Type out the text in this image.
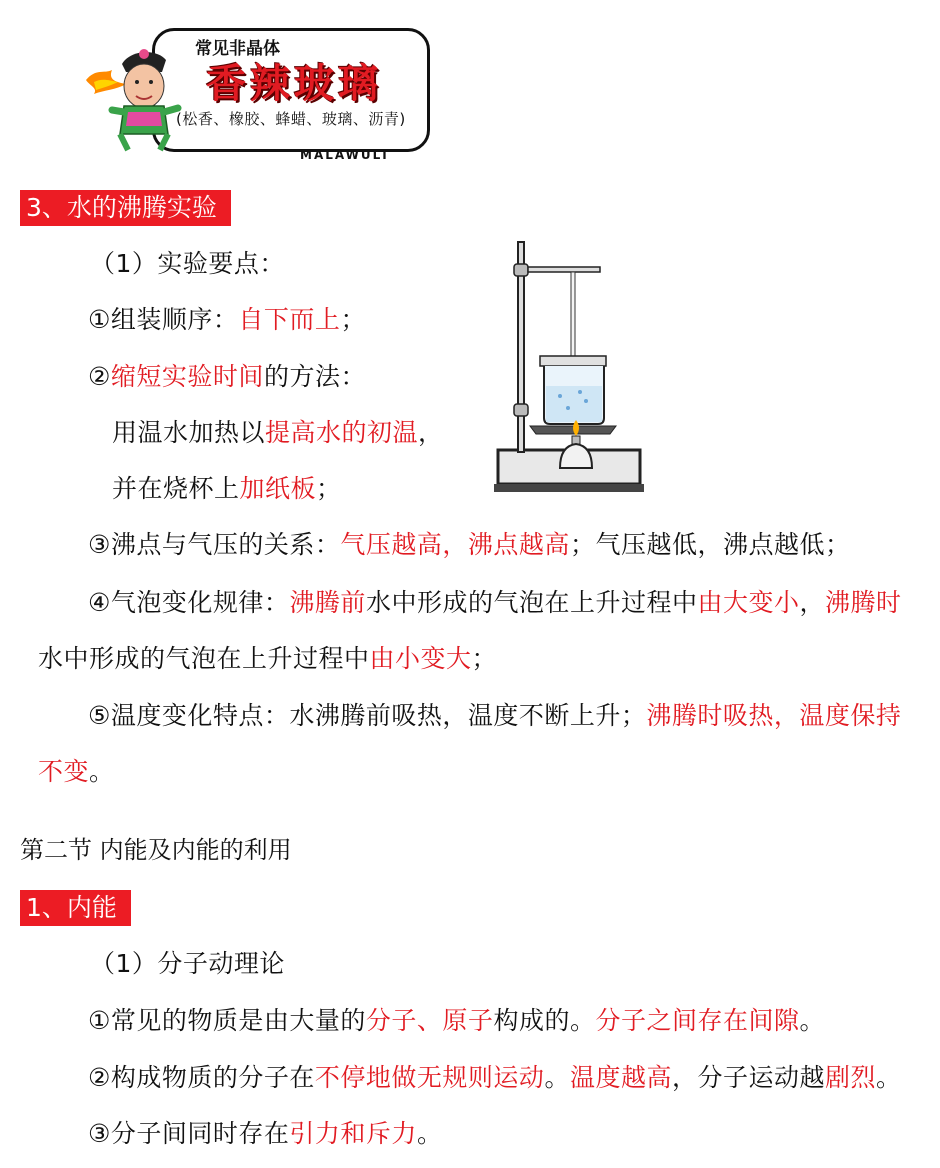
常见非晶体
香辣玻璃
(松香、橡胶、蜂蜡、玻璃、沥青)
MALAWULI
3、水的沸腾实验
（1）实验要点：
①组装顺序：自下而上；
②缩短实验时间的方法：
用温水加热以提高水的初温，
并在烧杯上加纸板；
③沸点与气压的关系：气压越高，沸点越高；气压越低，沸点越低；
④气泡变化规律：沸腾前水中形成的气泡在上升过程中由大变小，沸腾时
水中形成的气泡在上升过程中由小变大；
⑤温度变化特点：水沸腾前吸热，温度不断上升；沸腾时吸热，温度保持
不变。
第二节 内能及内能的利用
1、内能
（1）分子动理论
①常见的物质是由大量的分子、原子构成的。分子之间存在间隙。
②构成物质的分子在不停地做无规则运动。温度越高，分子运动越剧烈。
③分子间同时存在引力和斥力。
